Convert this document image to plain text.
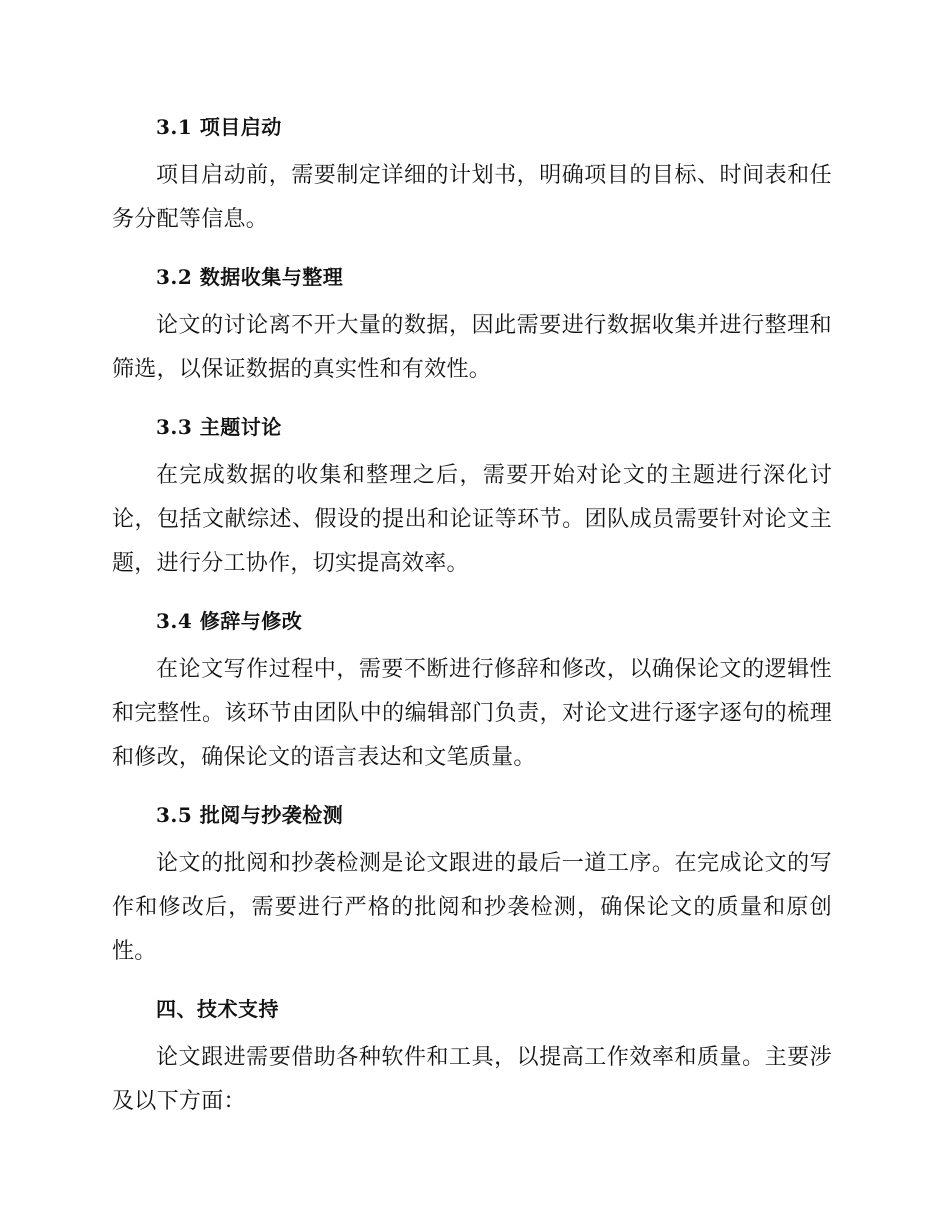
3.1 项目启动

项目启动前，需要制定详细的计划书，明确项目的目标、时间表和任务分配等信息。

3.2 数据收集与整理

论文的讨论离不开大量的数据，因此需要进行数据收集并进行整理和筛选，以保证数据的真实性和有效性。

3.3 主题讨论

在完成数据的收集和整理之后，需要开始对论文的主题进行深化讨论，包括文献综述、假设的提出和论证等环节。团队成员需要针对论文主题，进行分工协作，切实提高效率。

3.4 修辞与修改

在论文写作过程中，需要不断进行修辞和修改，以确保论文的逻辑性和完整性。该环节由团队中的编辑部门负责，对论文进行逐字逐句的梳理和修改，确保论文的语言表达和文笔质量。

3.5 批阅与抄袭检测

论文的批阅和抄袭检测是论文跟进的最后一道工序。在完成论文的写作和修改后，需要进行严格的批阅和抄袭检测，确保论文的质量和原创性。

四、技术支持

论文跟进需要借助各种软件和工具，以提高工作效率和质量。主要涉及以下方面：
